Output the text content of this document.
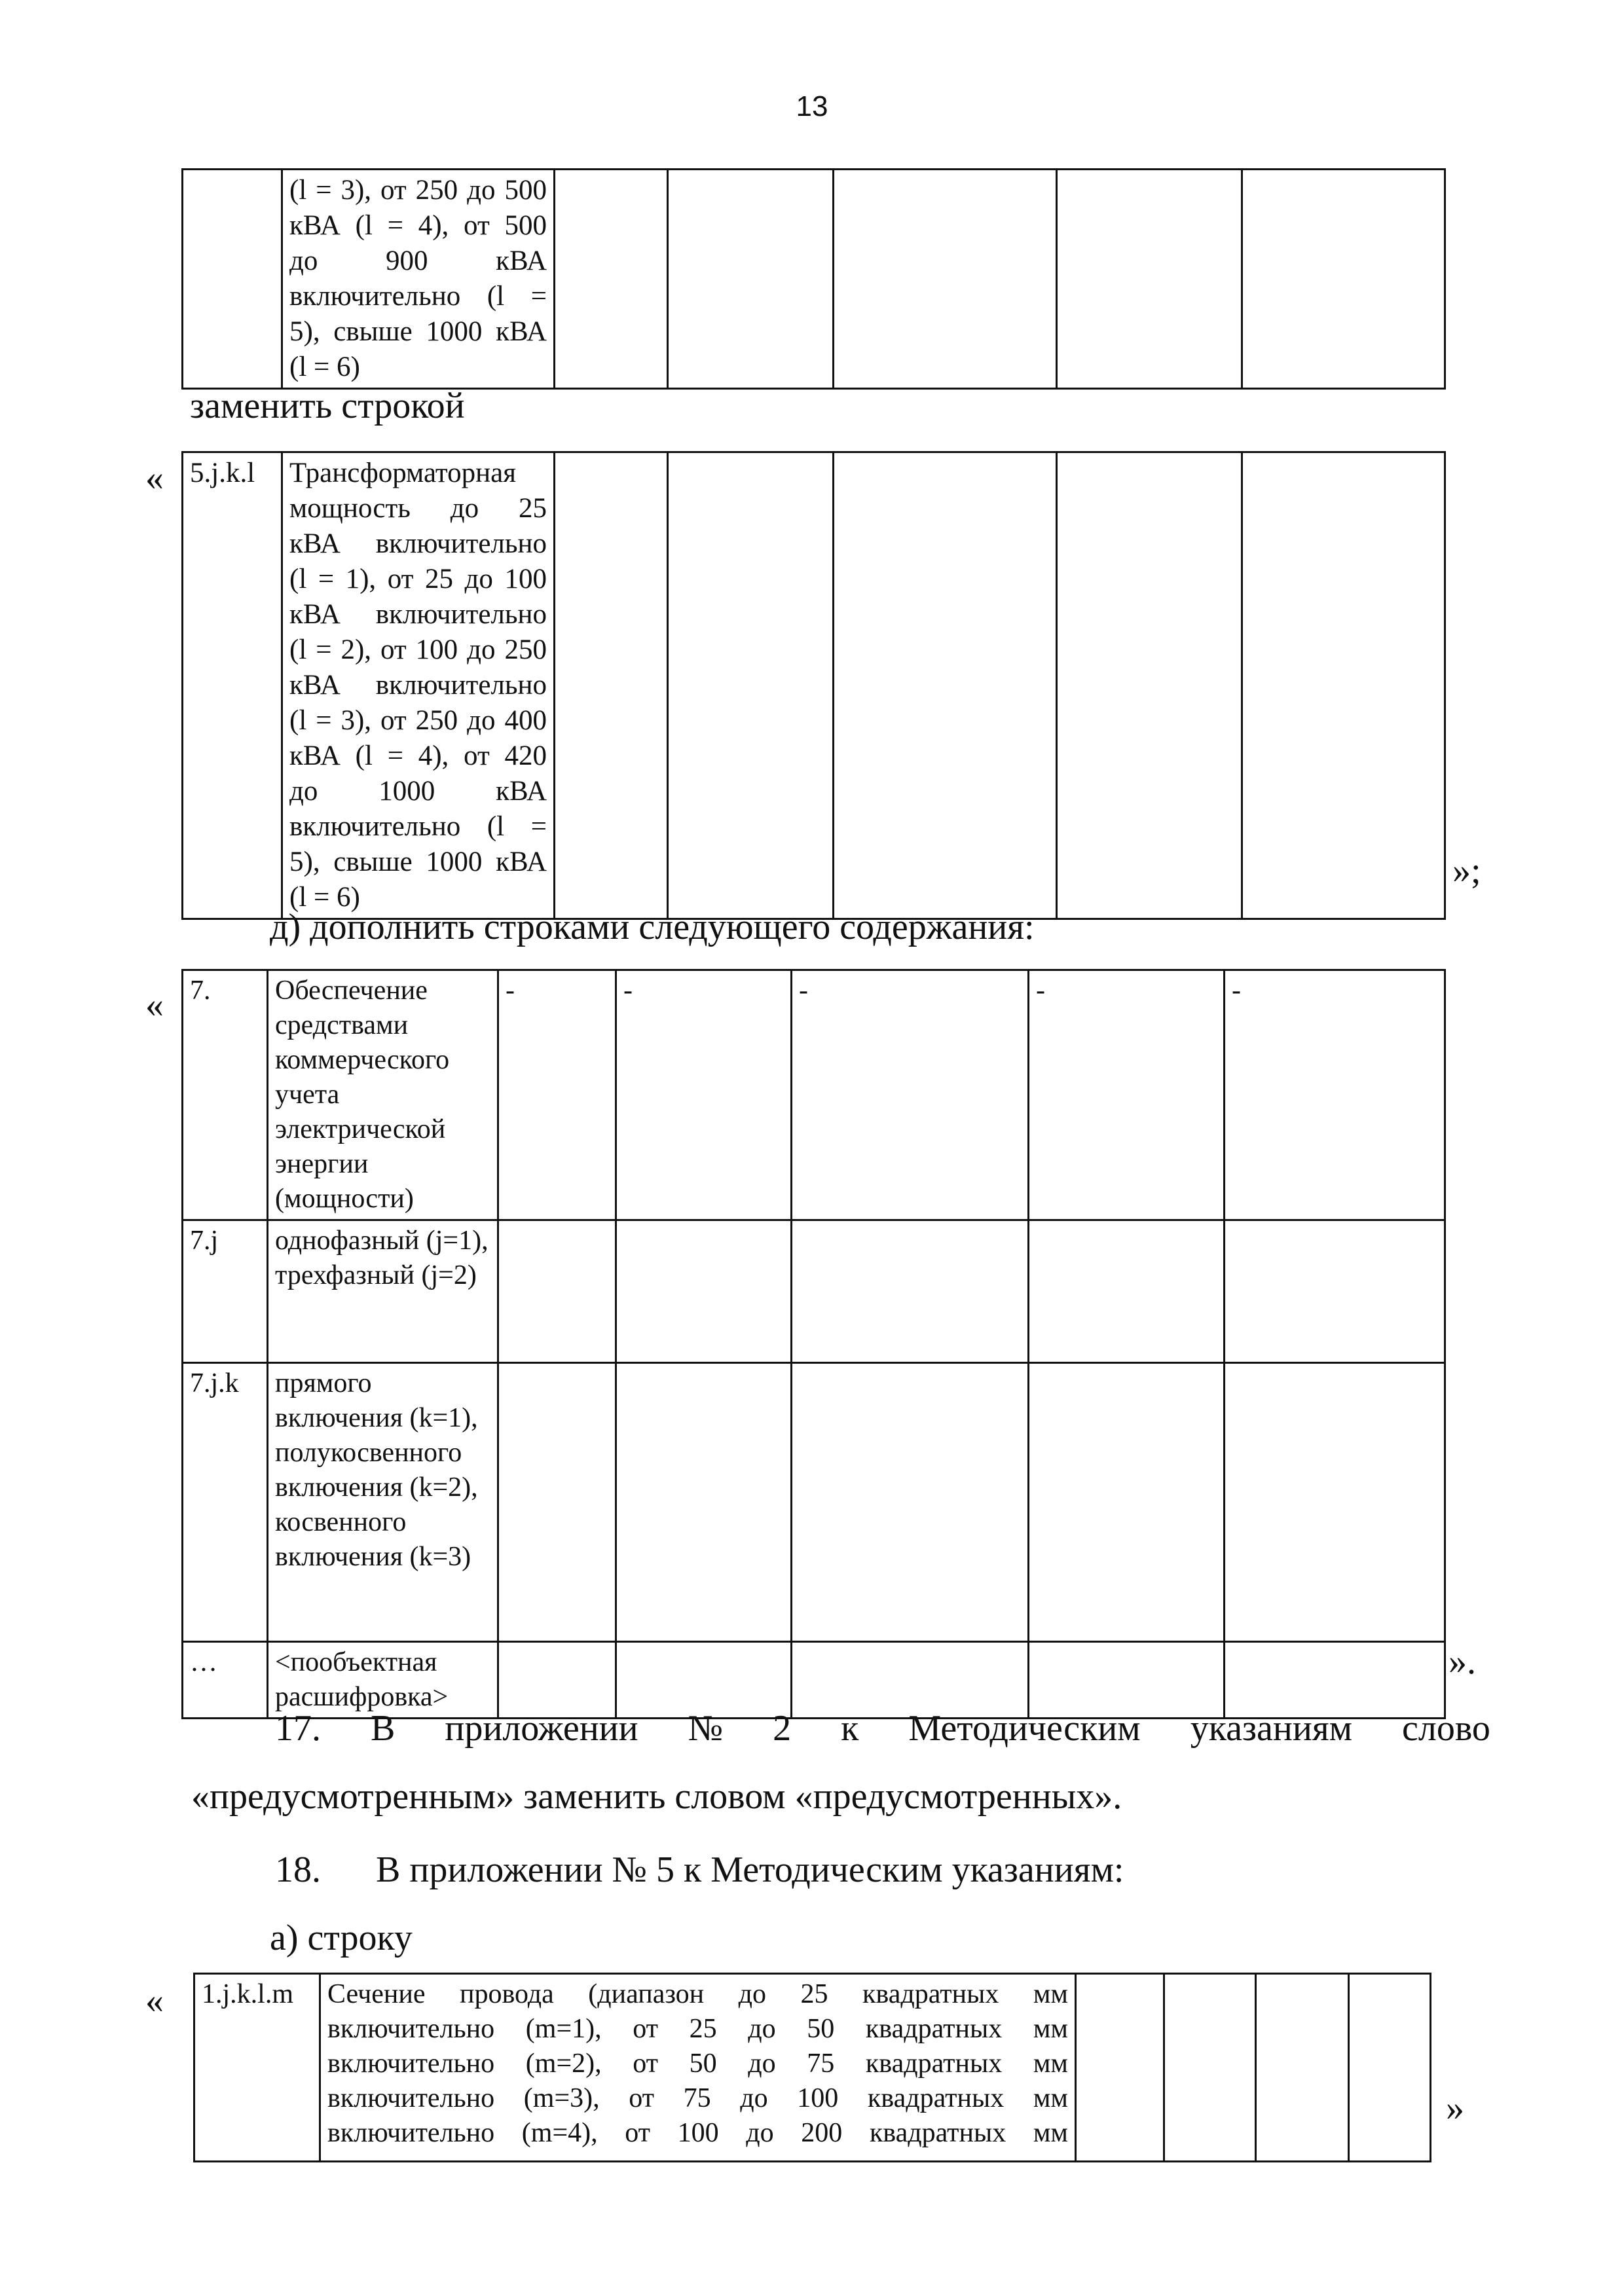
13

(l = 3), от 250 до 500
кВА (l = 4), от 500
до 900 кВА
включительно (l =
5), свыше 1000 кВА
(l = 6)

заменить строкой
« 5.j.k.l	Трансформаторная
мощность до 25
кВА включительно
(l = 1), от 25 до 100
кВА включительно
(l = 2), от 100 до 250
кВА включительно
(l = 3), от 250 до 400
кВА (l = 4), от 420
до 1000 кВА
включительно (l =
5), свыше 1000 кВА
(l = 6)

»;
д) дополнить строками следующего содержания:
« 7.	Обеспечение средствами коммерческого учета электрической энергии (мощности)	-	-	-	-	-
7.j	однофазный (j=1), трехфазный (j=2)					
7.j.k	прямого включения (k=1), полукосвенного включения (k=2), косвенного включения (k=3)					
…	<пообъектная расшифровка>					
».
17. В приложении № 2 к Методическим указаниям слово
«предусмотренным» заменить словом «предусмотренных».
18.  В приложении № 5 к Методическим указаниям:
а) строку
« 1.j.k.l.m	Сечение провода (диапазон до 25 квадратных мм
включительно (m=1), от 25 до 50 квадратных мм
включительно (m=2), от 50 до 75 квадратных мм
включительно (m=3), от 75 до 100 квадратных мм
включительно (m=4), от 100 до 200 квадратных мм

»
